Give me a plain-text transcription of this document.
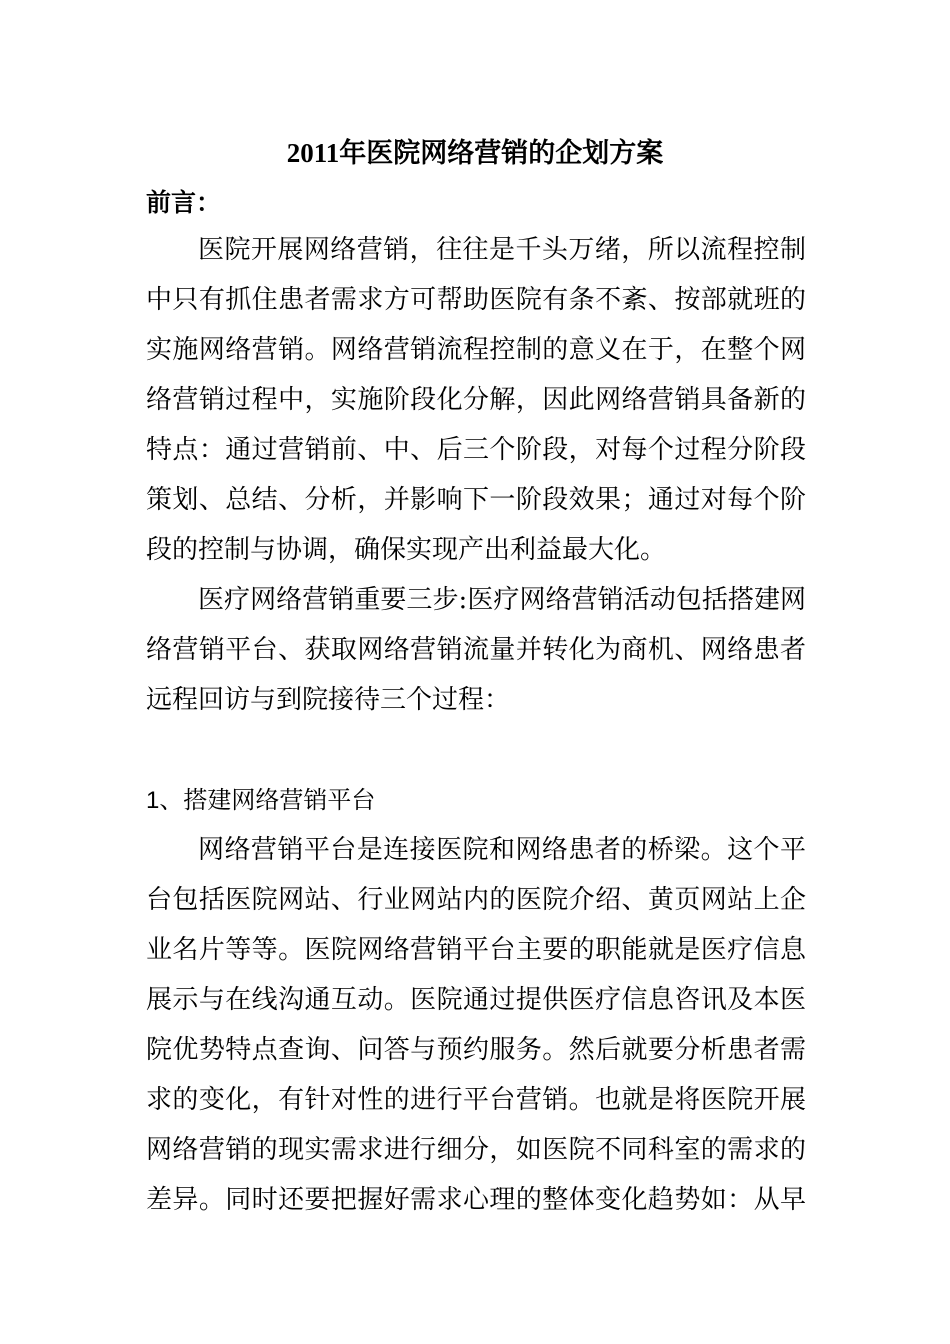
2011年医院网络营销的企划方案
前言：
医院开展网络营销，往往是千头万绪，所以流程控制
中只有抓住患者需求方可帮助医院有条不紊、按部就班的
实施网络营销。网络营销流程控制的意义在于，在整个网
络营销过程中，实施阶段化分解，因此网络营销具备新的
特点：通过营销前、中、后三个阶段，对每个过程分阶段
策划、总结、分析，并影响下一阶段效果；通过对每个阶
段的控制与协调，确保实现产出利益最大化。
医疗网络营销重要三步:医疗网络营销活动包括搭建网
络营销平台、获取网络营销流量并转化为商机、网络患者
远程回访与到院接待三个过程：
1、搭建网络营销平台
网络营销平台是连接医院和网络患者的桥梁。这个平
台包括医院网站、行业网站内的医院介绍、黄页网站上企
业名片等等。医院网络营销平台主要的职能就是医疗信息
展示与在线沟通互动。医院通过提供医疗信息咨讯及本医
院优势特点查询、问答与预约服务。然后就要分析患者需
求的变化，有针对性的进行平台营销。也就是将医院开展
网络营销的现实需求进行细分，如医院不同科室的需求的
差异。同时还要把握好需求心理的整体变化趋势如：从早
